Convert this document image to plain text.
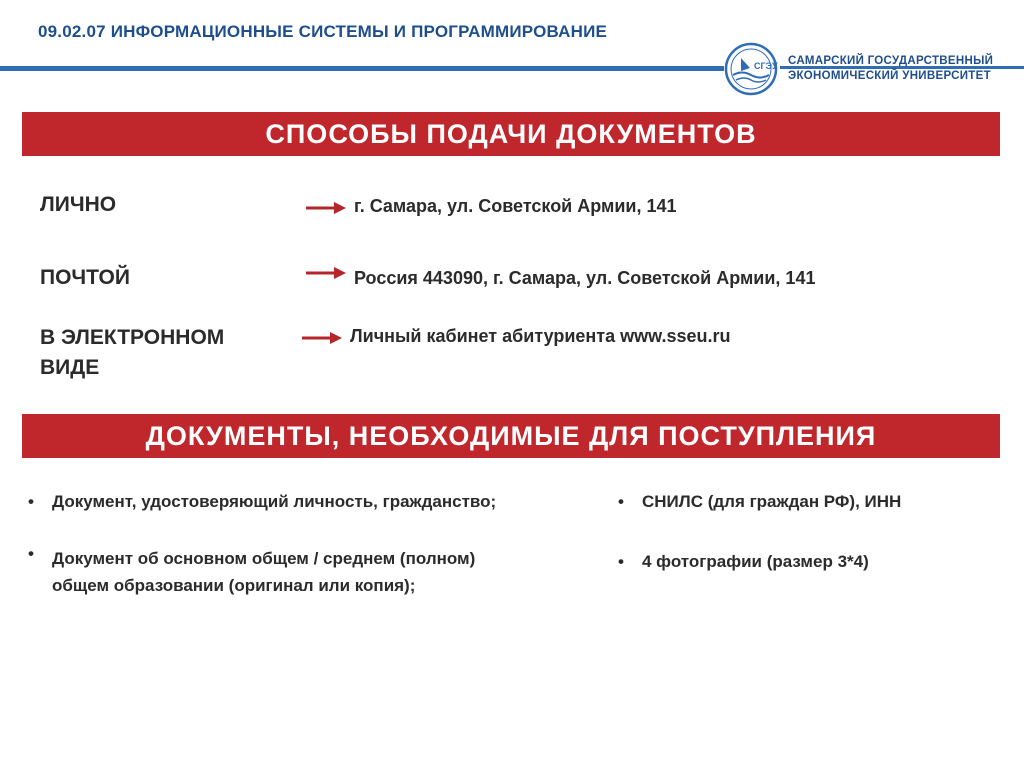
09.02.07 ИНФОРМАЦИОННЫЕ СИСТЕМЫ И ПРОГРАММИРОВАНИЕ
СГЭУ САМАРСКИЙ ГОСУДАРСТВЕННЫЙ
ЭКОНОМИЧЕСКИЙ УНИВЕРСИТЕТ
СПОСОБЫ ПОДАЧИ ДОКУМЕНТОВ
ЛИЧНО	г. Самара, ул. Советской Армии, 141
ПОЧТОЙ	Россия 443090, г. Самара, ул. Советской Армии, 141
В ЭЛЕКТРОННОМ
ВИДЕ
Личный кабинет абитуриента www.sseu.ru
ДОКУМЕНТЫ, НЕОБХОДИМЫЕ ДЛЯ ПОСТУПЛЕНИЯ
• Документ, удостоверяющий личность, гражданство;
• Документ об основном общем / среднем (полном)
общем образовании (оригинал или копия);
• СНИЛС (для граждан РФ), ИНН
• 4 фотографии (размер 3*4)
